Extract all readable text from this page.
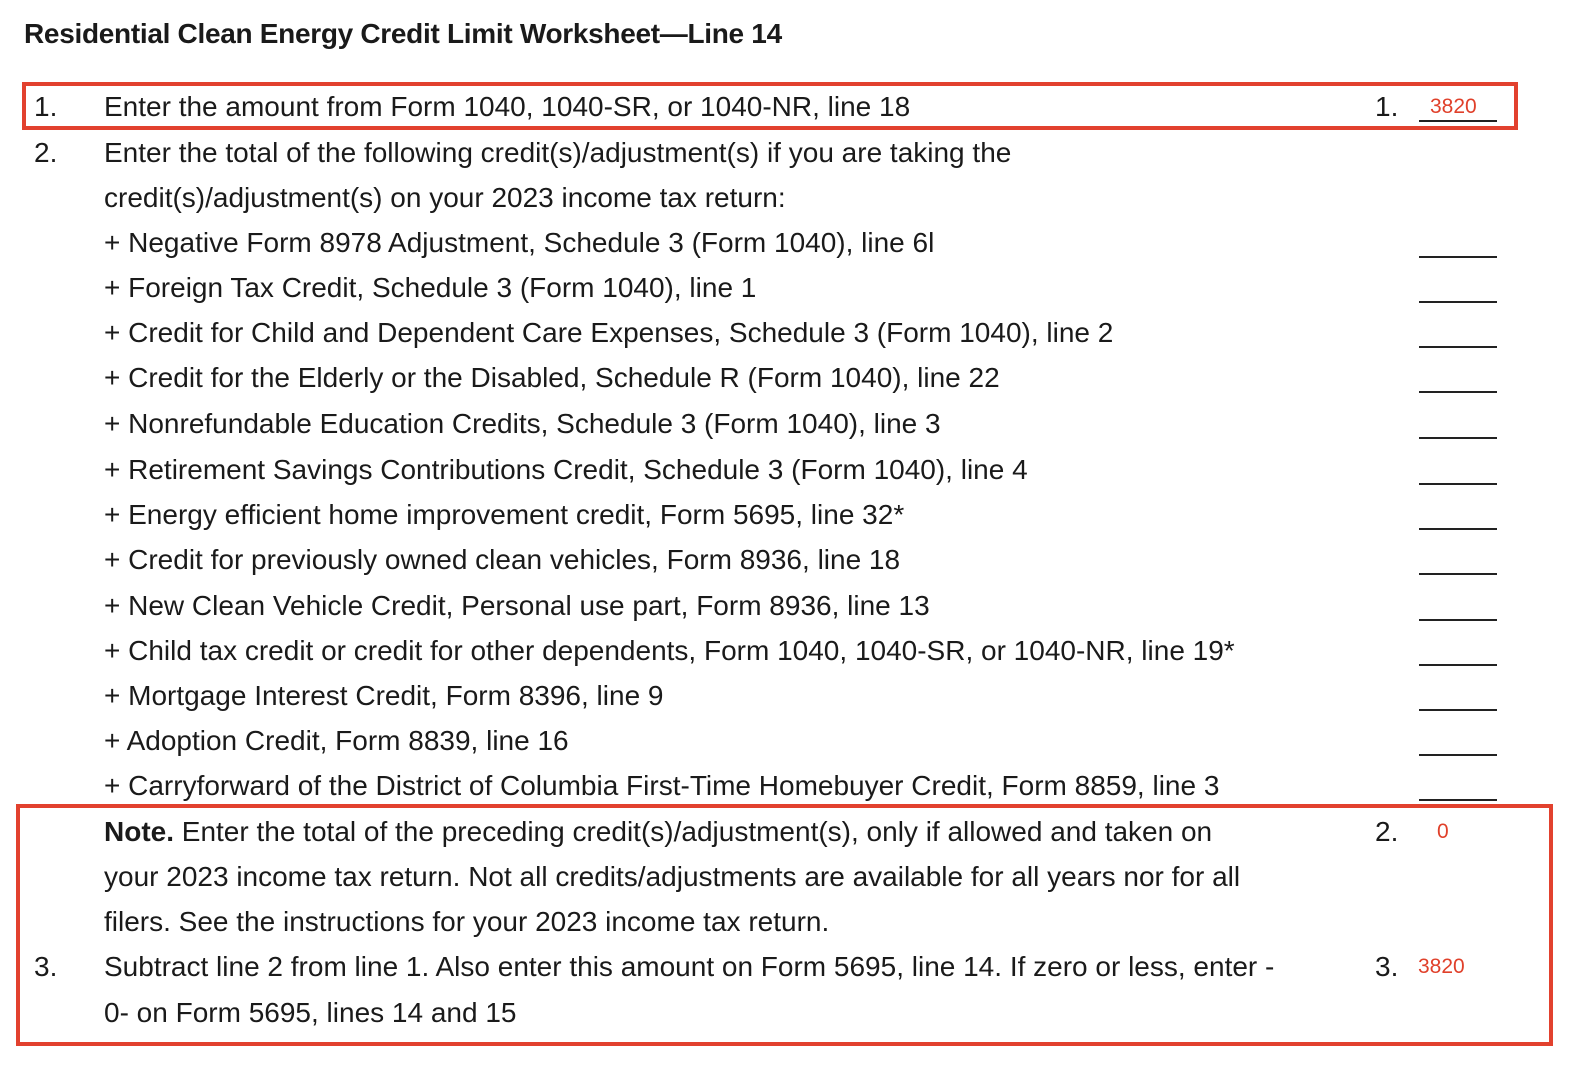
Residential Clean Energy Credit Limit Worksheet—Line 14
1. Enter the amount from Form 1040, 1040-SR, or 1040-NR, line 18	1. 3820
2. Enter the total of the following credit(s)/adjustment(s) if you are taking the
credit(s)/adjustment(s) on your 2023 income tax return:
+ Negative Form 8978 Adjustment, Schedule 3 (Form 1040), line 6l
+ Foreign Tax Credit, Schedule 3 (Form 1040), line 1
+ Credit for Child and Dependent Care Expenses, Schedule 3 (Form 1040), line 2
+ Credit for the Elderly or the Disabled, Schedule R (Form 1040), line 22
+ Nonrefundable Education Credits, Schedule 3 (Form 1040), line 3
+ Retirement Savings Contributions Credit, Schedule 3 (Form 1040), line 4
+ Energy efficient home improvement credit, Form 5695, line 32*
+ Credit for previously owned clean vehicles, Form 8936, line 18
+ New Clean Vehicle Credit, Personal use part, Form 8936, line 13
+ Child tax credit or credit for other dependents, Form 1040, 1040-SR, or 1040-NR, line 19*
+ Mortgage Interest Credit, Form 8396, line 9
+ Adoption Credit, Form 8839, line 16
+ Carryforward of the District of Columbia First-Time Homebuyer Credit, Form 8859, line 3
Note. Enter the total of the preceding credit(s)/adjustment(s), only if allowed and taken on	2. 0
your 2023 income tax return. Not all credits/adjustments are available for all years nor for all
filers. See the instructions for your 2023 income tax return.
3. Subtract line 2 from line 1. Also enter this amount on Form 5695, line 14. If zero or less, enter -	3. 3820
0- on Form 5695, lines 14 and 15
